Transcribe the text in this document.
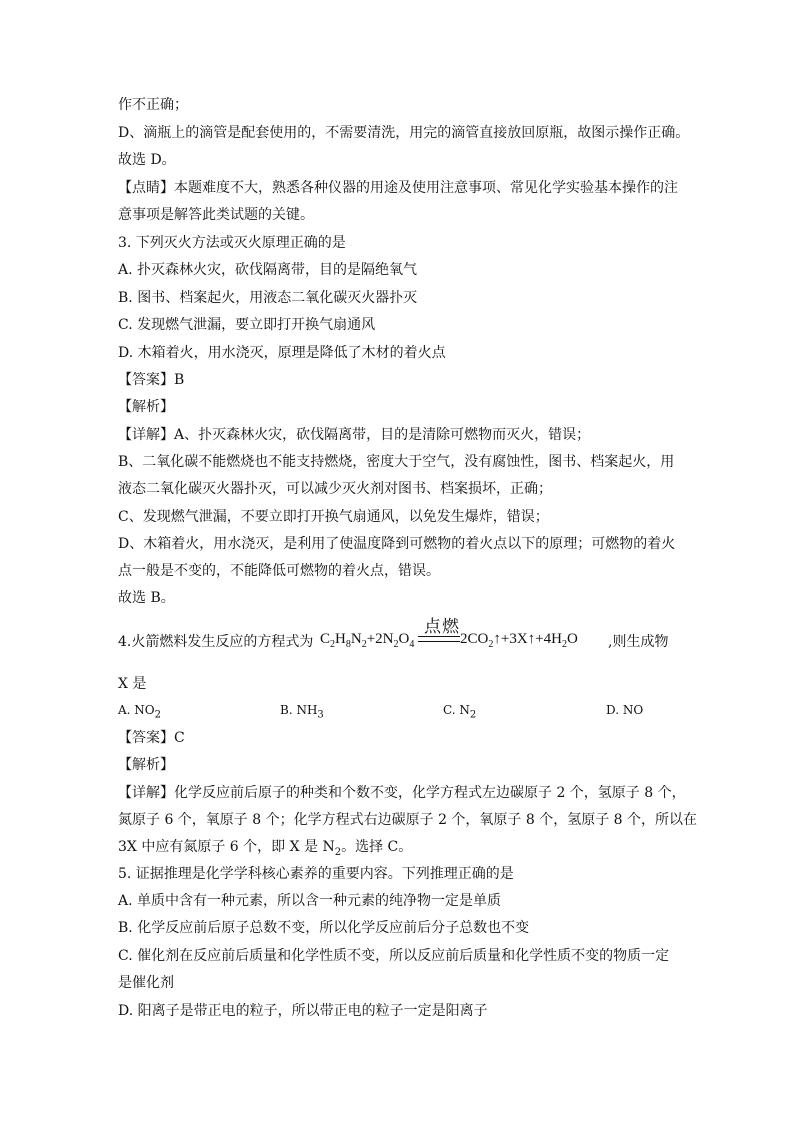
作不正确；
D、滴瓶上的滴管是配套使用的，不需要清洗，用完的滴管直接放回原瓶，故图示操作正确。
故选 D。
【点睛】本题难度不大，熟悉各种仪器的用途及使用注意事项、常见化学实验基本操作的注
意事项是解答此类试题的关键。
3. 下列灭火方法或灭火原理正确的是
A. 扑灭森林火灾，砍伐隔离带，目的是隔绝氧气
B. 图书、档案起火，用液态二氧化碳灭火器扑灭
C. 发现燃气泄漏，要立即打开换气扇通风
D. 木箱着火，用水浇灭，原理是降低了木材的着火点
【答案】B
【解析】
【详解】A、扑灭森林火灾，砍伐隔离带，目的是清除可燃物而灭火，错误；
B、二氧化碳不能燃烧也不能支持燃烧，密度大于空气，没有腐蚀性，图书、档案起火，用
液态二氧化碳灭火器扑灭，可以减少灭火剂对图书、档案损坏，正确；
C、发现燃气泄漏，不要立即打开换气扇通风，以免发生爆炸，错误；
D、木箱着火，用水浇灭，是利用了使温度降到可燃物的着火点以下的原理；可燃物的着火
点一般是不变的，不能降低可燃物的着火点，错误。
故选 B。
4.火箭燃料发生反应的方程式为 $C_2H_8N_2+2N_2O_4$
点燃
$2CO_2↑+3X↑+4H_2O$ ,则生成物
X 是
A. $NO_2$	B. $NH_3$	C. $N_2$	D. NO
【答案】C
【解析】
【详解】化学反应前后原子的种类和个数不变，化学方程式左边碳原子 2 个，氢原子 8 个，
氮原子 6 个，氧原子 8 个；化学方程式右边碳原子 2 个，氧原子 8 个，氢原子 8 个，所以在
3X 中应有氮原子 6 个，即 X 是 $N_2$。选择 C。
5. 证据推理是化学学科核心素养的重要内容。下列推理正确的是
A. 单质中含有一种元素，所以含一种元素的纯净物一定是单质
B. 化学反应前后原子总数不变，所以化学反应前后分子总数也不变
C. 催化剂在反应前后质量和化学性质不变，所以反应前后质量和化学性质不变的物质一定
是催化剂
D. 阳离子是带正电的粒子，所以带正电的粒子一定是阳离子
